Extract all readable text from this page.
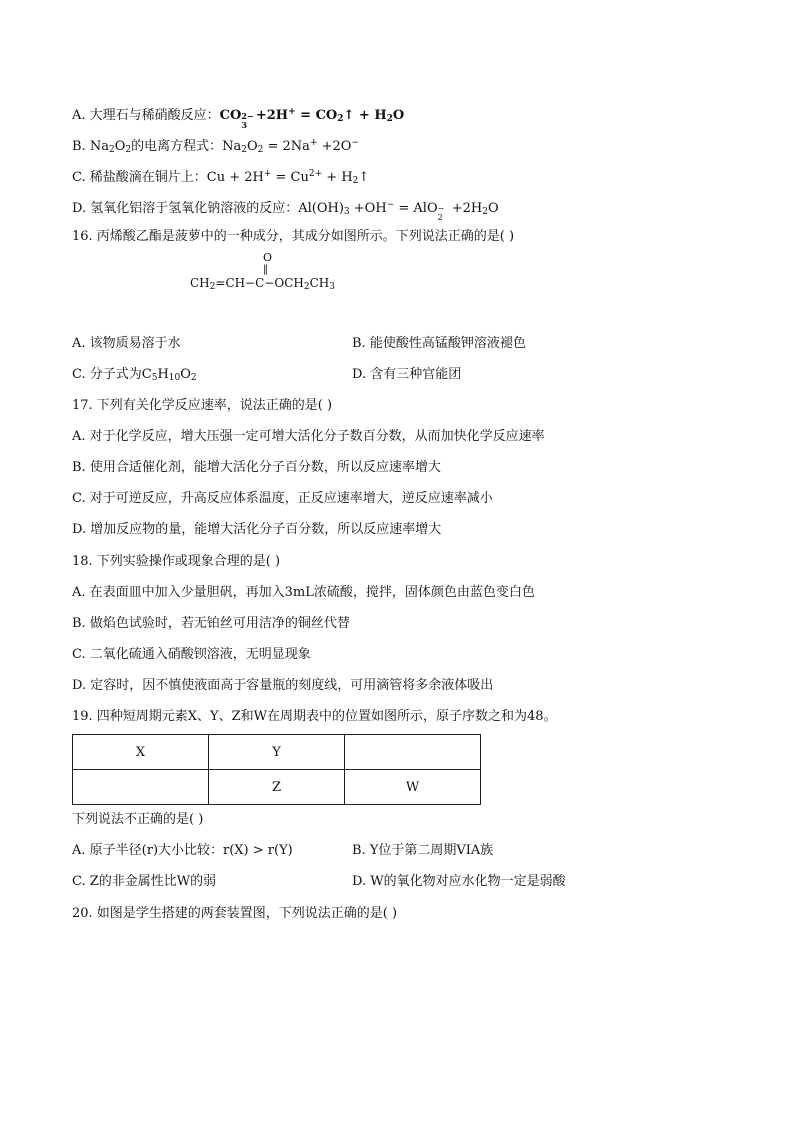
A. 大理石与稀硝酸反应：CO 2−
3
$+2H^+ = CO_2↑ + H_2O$
B. $Na_2O_2$的电离方程式：$Na_2O_2 = 2Na^+ +2O^-$
C. 稀盐酸滴在铜片上：$Cu + 2H^+ = Cu^{2+}$ + $H_2↑$
D. 氢氧化铝溶于氢氧化钠溶液的反应：$Al(OH)_3 +OH^-$ = AlO −
2
$+2H_2O$
16. 丙烯酸乙酯是菠萝中的一种成分，其成分如图所示。下列说法正确的是( )
O
‖
$CH_2=CH-C-OCH_2CH_3$
A. 该物质易溶于水	B. 能使酸性高锰酸钾溶液褪色
C. 分子式为$C_5H_{10}O_2$	D. 含有三种官能团
17. 下列有关化学反应速率，说法正确的是( )
A. 对于化学反应，增大压强一定可增大活化分子数百分数，从而加快化学反应速率
B. 使用合适催化剂，能增大活化分子百分数，所以反应速率增大
C. 对于可逆反应，升高反应体系温度，正反应速率增大，逆反应速率减小
D. 增加反应物的量，能增大活化分子百分数，所以反应速率增大
18. 下列实验操作或现象合理的是( )
A. 在表面皿中加入少量胆矾，再加入3mL浓硫酸，搅拌，固体颜色由蓝色变白色
B. 做焰色试验时，若无铂丝可用洁净的铜丝代替
C. 二氧化硫通入硝酸钡溶液，无明显现象
D. 定容时，因不慎使液面高于容量瓶的刻度线，可用滴管将多余液体吸出
19. 四种短周期元素X、Y、Z和W在周期表中的位置如图所示，原子序数之和为48。
X	Y	
	Z	W
下列说法不正确的是( )
A. 原子半径(r)大小比较：r(X) > r(Y)	B. Y位于第二周期VIA族
C. Z的非金属性比W的弱	D. W的氧化物对应水化物一定是弱酸
20. 如图是学生搭建的两套装置图，下列说法正确的是( )
